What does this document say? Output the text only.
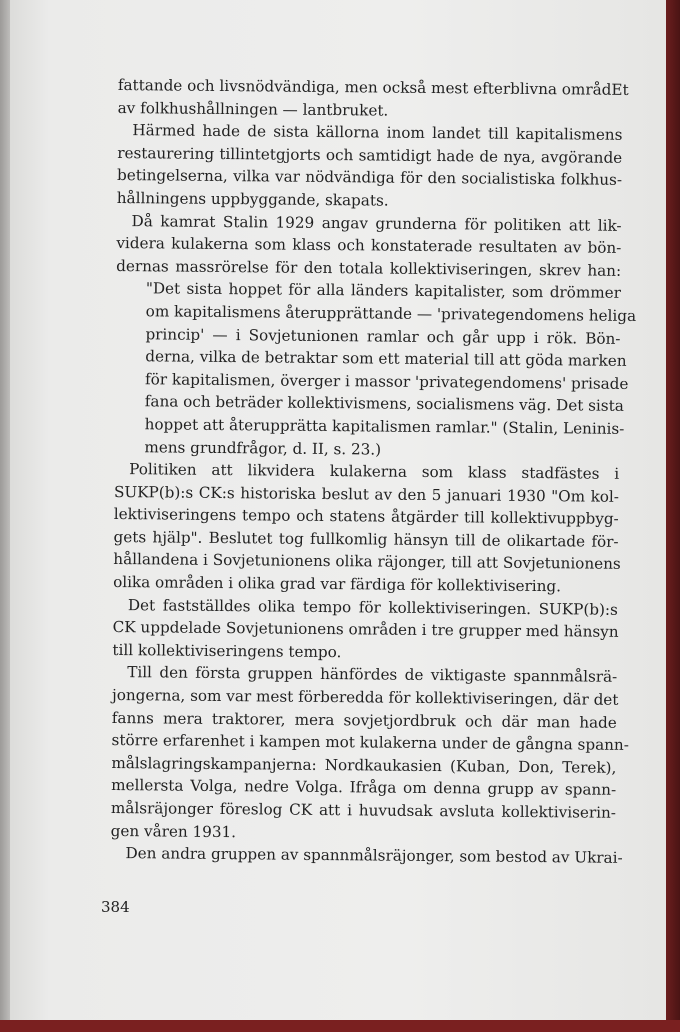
fattande och livsnödvändiga, men också mest efterblivna områdEt
av folkhushållningen — lantbruket.
Härmed hade de sista källorna inom landet till kapitalismens
restaurering tillintetgjorts och samtidigt hade de nya, avgörande
betingelserna, vilka var nödvändiga för den socialistiska folkhus-
hållningens uppbyggande, skapats.
Då kamrat Stalin 1929 angav grunderna för politiken att lik-
videra kulakerna som klass och konstaterade resultaten av bön-
dernas massrörelse för den totala kollektiviseringen, skrev han:
"Det sista hoppet för alla länders kapitalister, som drömmer
om kapitalismens återupprättande — 'privategendomens heliga
princip' — i Sovjetunionen ramlar och går upp i rök. Bön-
derna, vilka de betraktar som ett material till att göda marken
för kapitalismen, överger i massor 'privategendomens' prisade
fana och beträder kollektivismens, socialismens väg. Det sista
hoppet att återupprätta kapitalismen ramlar." (Stalin, Leninis-
mens grundfrågor, d. II, s. 23.)
Politiken att likvidera kulakerna som klass stadfästes i
SUKP(b):s CK:s historiska beslut av den 5 januari 1930 "Om kol-
lektiviseringens tempo och statens åtgärder till kollektivuppbyg-
gets hjälp". Beslutet tog fullkomlig hänsyn till de olikartade för-
hållandena i Sovjetunionens olika räjonger, till att Sovjetunionens
olika områden i olika grad var färdiga för kollektivisering.
Det fastställdes olika tempo för kollektiviseringen. SUKP(b):s
CK uppdelade Sovjetunionens områden i tre grupper med hänsyn
till kollektiviseringens tempo.
Till den första gruppen hänfördes de viktigaste spannmålsrä-
jongerna, som var mest förberedda för kollektiviseringen, där det
fanns mera traktorer, mera sovjetjordbruk och där man hade
större erfarenhet i kampen mot kulakerna under de gångna spann-
målslagringskampanjerna: Nordkaukasien (Kuban, Don, Terek),
mellersta Volga, nedre Volga. Ifråga om denna grupp av spann-
målsräjonger föreslog CK att i huvudsak avsluta kollektiviserin-
gen våren 1931.
Den andra gruppen av spannmålsräjonger, som bestod av Ukrai-
384
